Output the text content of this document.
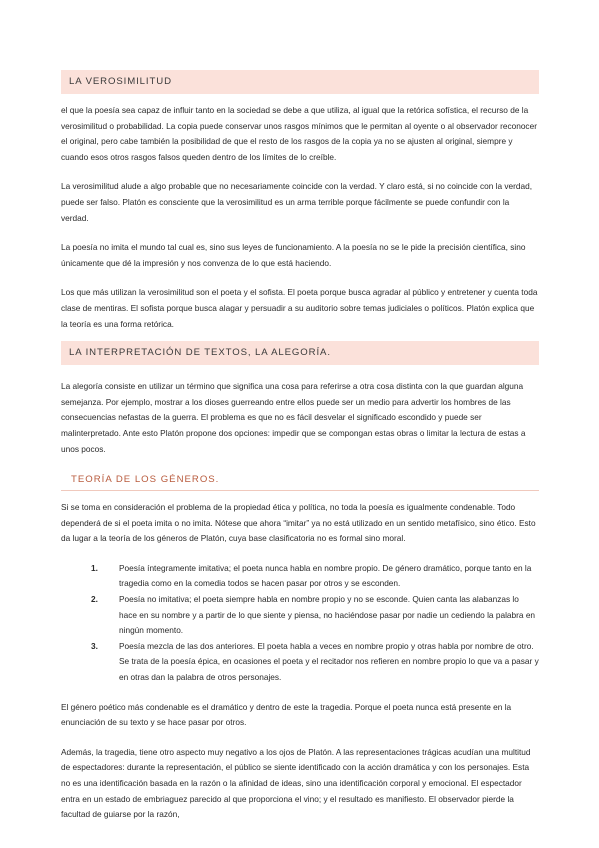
LA VEROSIMILITUD

el que la poesía sea capaz de influir tanto en la sociedad se debe a que utiliza, al igual que la retórica sofística, el recurso de la verosimilitud o probabilidad. La copia puede conservar unos rasgos mínimos que le permitan al oyente o al observador reconocer el original, pero cabe también la posibilidad de que el resto de los rasgos de la copia ya no se ajusten al original, siempre y cuando esos otros rasgos falsos queden dentro de los límites de lo creíble.

La verosimilitud alude a algo probable que no necesariamente coincide con la verdad. Y claro está, si no coincide con la verdad, puede ser falso. Platón es consciente que la verosimilitud es un arma terrible porque fácilmente se puede confundir con la verdad.

La poesía no imita el mundo tal cual es, sino sus leyes de funcionamiento. A la poesía no se le pide la precisión científica, sino únicamente que dé la impresión y nos convenza de lo que está haciendo.

Los que más utilizan la verosimilitud son el poeta y el sofista. El poeta porque busca agradar al público y entretener y cuenta toda clase de mentiras. El sofista porque busca alagar y persuadir a su auditorio sobre temas judiciales o políticos. Platón explica que la teoría es una forma retórica.

LA INTERPRETACIÓN DE TEXTOS, LA ALEGORÍA.

La alegoría consiste en utilizar un término que significa una cosa para referirse a otra cosa distinta con la que guardan alguna semejanza. Por ejemplo, mostrar a los dioses guerreando entre ellos puede ser un medio para advertir los hombres de las consecuencias nefastas de la guerra. El problema es que no es fácil desvelar el significado escondido y puede ser malinterpretado. Ante esto Platón propone dos opciones: impedir que se compongan estas obras o limitar la lectura de estas a unos pocos.

TEORÍA DE LOS GÉNEROS.

Si se toma en consideración el problema de la propiedad ética y política, no toda la poesía es igualmente condenable. Todo dependerá de si el poeta imita o no imita. Nótese que ahora “imitar” ya no está utilizado en un sentido metafísico, sino ético. Esto da lugar a la teoría de los géneros de Platón, cuya base clasificatoria no es formal sino moral.

1.	Poesía íntegramente imitativa; el poeta nunca habla en nombre propio. De género dramático, porque tanto en la tragedia como en la comedia todos se hacen pasar por otros y se esconden.
2.	Poesía no imitativa; el poeta siempre habla en nombre propio y no se esconde. Quien canta las alabanzas lo hace en su nombre y a partir de lo que siente y piensa, no haciéndose pasar por nadie un cediendo la palabra en ningún momento.
3.	Poesía mezcla de las dos anteriores. El poeta habla a veces en nombre propio y otras habla por nombre de otro. Se trata de la poesía épica, en ocasiones el poeta y el recitador nos refieren en nombre propio lo que va a pasar y en otras dan la palabra de otros personajes.

El género poético más condenable es el dramático y dentro de este la tragedia. Porque el poeta nunca está presente en la enunciación de su texto y se hace pasar por otros.

Además, la tragedia, tiene otro aspecto muy negativo a los ojos de Platón. A las representaciones trágicas acudían una multitud de espectadores: durante la representación, el público se siente identificado con la acción dramática y con los personajes. Esta no es una identificación basada en la razón o la afinidad de ideas, sino una identificación corporal y emocional. El espectador entra en un estado de embriaguez parecido al que proporciona el vino; y el resultado es manifiesto. El observador pierde la facultad de guiarse por la razón,
